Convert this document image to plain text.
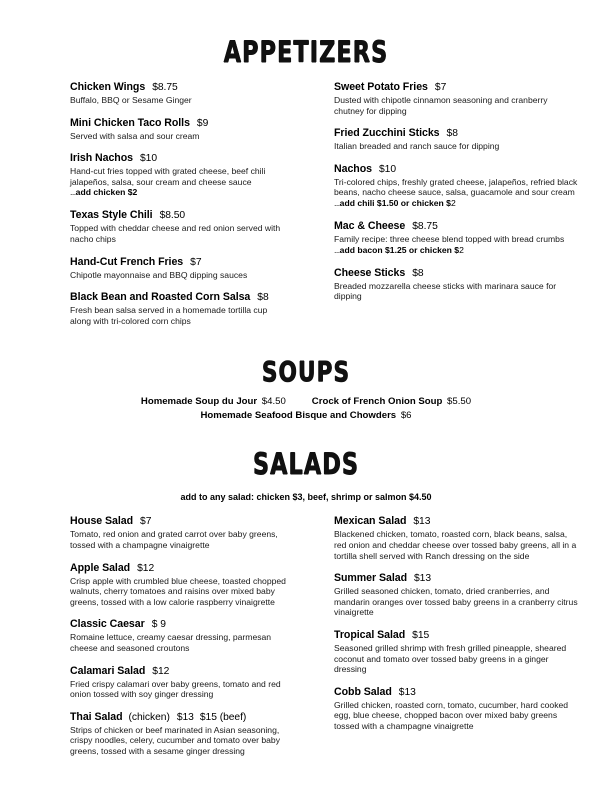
APPETIZERS
Chicken Wings $8.75
Buffalo, BBQ or Sesame Ginger
Mini Chicken Taco Rolls $9
Served with salsa and sour cream
Irish Nachos $10
Hand-cut fries topped with grated cheese, beef chili jalapeños, salsa, sour cream and cheese sauce
...add chicken $2
Texas Style Chili $8.50
Topped with cheddar cheese and red onion served with nacho chips
Hand-Cut French Fries $7
Chipotle mayonnaise and BBQ dipping sauces
Black Bean and Roasted Corn Salsa $8
Fresh bean salsa served in a homemade tortilla cup along with tri-colored corn chips
Sweet Potato Fries $7
Dusted with chipotle cinnamon seasoning and cranberry chutney for dipping
Fried Zucchini Sticks $8
Italian breaded and ranch sauce for dipping
Nachos $10
Tri-colored chips, freshly grated cheese, jalapeños, refried black beans, nacho cheese sauce, salsa, guacamole and sour cream
...add chili $1.50 or chicken $2
Mac & Cheese $8.75
Family recipe: three cheese blend topped with bread crumbs
...add bacon $1.25 or chicken $2
Cheese Sticks $8
Breaded mozzarella cheese sticks with marinara sauce for dipping
SOUPS
Homemade Soup du Jour $4.50	Crock of French Onion Soup $5.50
Homemade Seafood Bisque and Chowders $6
SALADS
add to any salad: chicken $3, beef, shrimp or salmon $4.50
House Salad $7
Tomato, red onion and grated carrot over baby greens, tossed with a champagne vinaigrette
Apple Salad $12
Crisp apple with crumbled blue cheese, toasted chopped walnuts, cherry tomatoes and raisins over mixed baby greens, tossed with a low calorie raspberry vinaigrette
Classic Caesar $ 9
Romaine lettuce, creamy caesar dressing, parmesan cheese and seasoned croutons
Calamari Salad $12
Fried crispy calamari over baby greens, tomato and red onion tossed with soy ginger dressing
Thai Salad (chicken) $13 $15 (beef)
Strips of chicken or beef marinated in Asian seasoning, crispy noodles, celery, cucumber and tomato over baby greens, tossed with a sesame ginger dressing
Mexican Salad $13
Blackened chicken, tomato, roasted corn, black beans, salsa, red onion and cheddar cheese over tossed baby greens, all in a tortilla shell served with Ranch dressing on the side
Summer Salad $13
Grilled seasoned chicken, tomato, dried cranberries, and mandarin oranges over tossed baby greens in a cranberry citrus vinaigrette
Tropical Salad $15
Seasoned grilled shrimp with fresh grilled pineapple, sheared coconut and tomato over tossed baby greens in a ginger dressing
Cobb Salad $13
Grilled chicken, roasted corn, tomato, cucumber, hard cooked egg, blue cheese, chopped bacon over mixed baby greens tossed with a champagne vinaigrette
